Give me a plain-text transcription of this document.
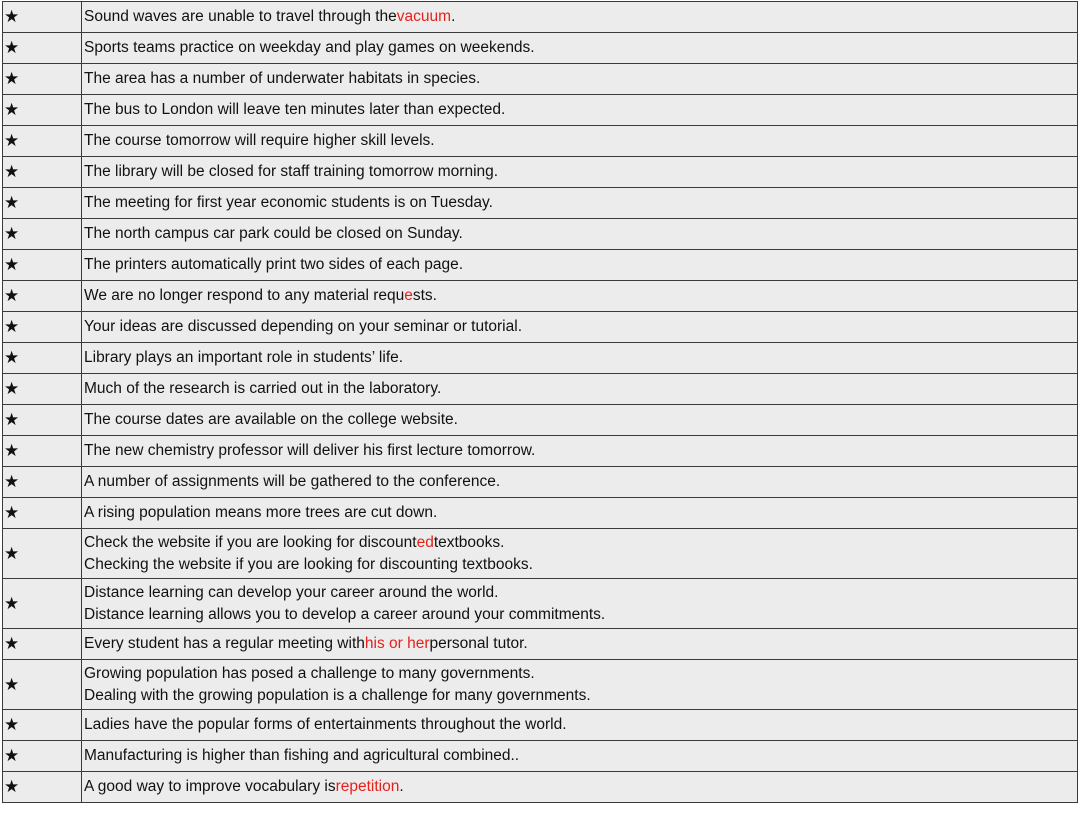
★	Sound waves are unable to travel through thevacuum.

★	Sports teams practice on weekday and play games on weekends.

★	The area has a number of underwater habitats in species.

★	The bus to London will leave ten minutes later than expected.

★	The course tomorrow will require higher skill levels.

★	The library will be closed for staff training tomorrow morning.

★	The meeting for first year economic students is on Tuesday.

★	The north campus car park could be closed on Sunday.

★	The printers automatically print two sides of each page.

★	We are no longer respond to any material requests.

★	Your ideas are discussed depending on your seminar or tutorial.

★	Library plays an important role in students’ life.

★	Much of the research is carried out in the laboratory.

★	The course dates are available on the college website.

★	The new chemistry professor will deliver his first lecture tomorrow.

★	A number of assignments will be gathered to the conference.

★	A rising population means more trees are cut down.

★	Check the website if you are looking for discountedtextbooks.
Checking the website if you are looking for discounting textbooks.

★	Distance learning can develop your career around the world.
Distance learning allows you to develop a career around your commitments.

★	Every student has a regular meeting withhis or herpersonal tutor.

★	Growing population has posed a challenge to many governments.
Dealing with the growing population is a challenge for many governments.

★	Ladies have the popular forms of entertainments throughout the world.

★	Manufacturing is higher than fishing and agricultural combined..

★	A good way to improve vocabulary isrepetition.
